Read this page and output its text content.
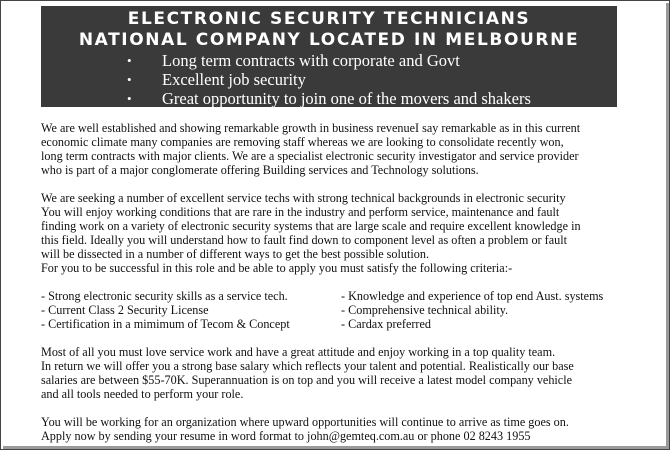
ELECTRONIC SECURITY TECHNICIANS
NATIONAL COMPANY LOCATED IN MELBOURNE
• Long term contracts with corporate and Govt
• Excellent job security
• Great opportunity to join one of the movers and shakers

We are well established and showing remarkable growth in business revenueI say remarkable as in this current
economic climate many companies are removing staff whereas we are looking to consolidate recently won,
long term contracts with major clients. We are a specialist electronic security investigator and service provider
who is part of a major conglomerate offering Building services and Technology solutions.

We are seeking a number of excellent service techs with strong technical backgrounds in electronic security
You will enjoy working conditions that are rare in the industry and perform service, maintenance and fault
finding work on a variety of electronic security systems that are large scale and require excellent knowledge in
this field. Ideally you will understand how to fault find down to component level as often a problem or fault
will be dissected in a number of different ways to get the best possible solution.
For you to be successful in this role and be able to apply you must satisfy the following criteria:-

- Strong electronic security skills as a service tech.
- Current Class 2 Security License
- Certification in a mimimum of Tecom & Concept
- Knowledge and experience of top end Aust. systems
- Comprehensive technical ability.
- Cardax preferred

Most of all you must love service work and have a great attitude and enjoy working in a top quality team.
In return we will offer you a strong base salary which reflects your talent and potential. Realistically our base
salaries are between $55-70K. Superannuation is on top and you will receive a latest model company vehicle
and all tools needed to perform your role.

You will be working for an organization where upward opportunities will continue to arrive as time goes on.
Apply now by sending your resume in word format to john@gemteq.com.au or phone 02 8243 1955
